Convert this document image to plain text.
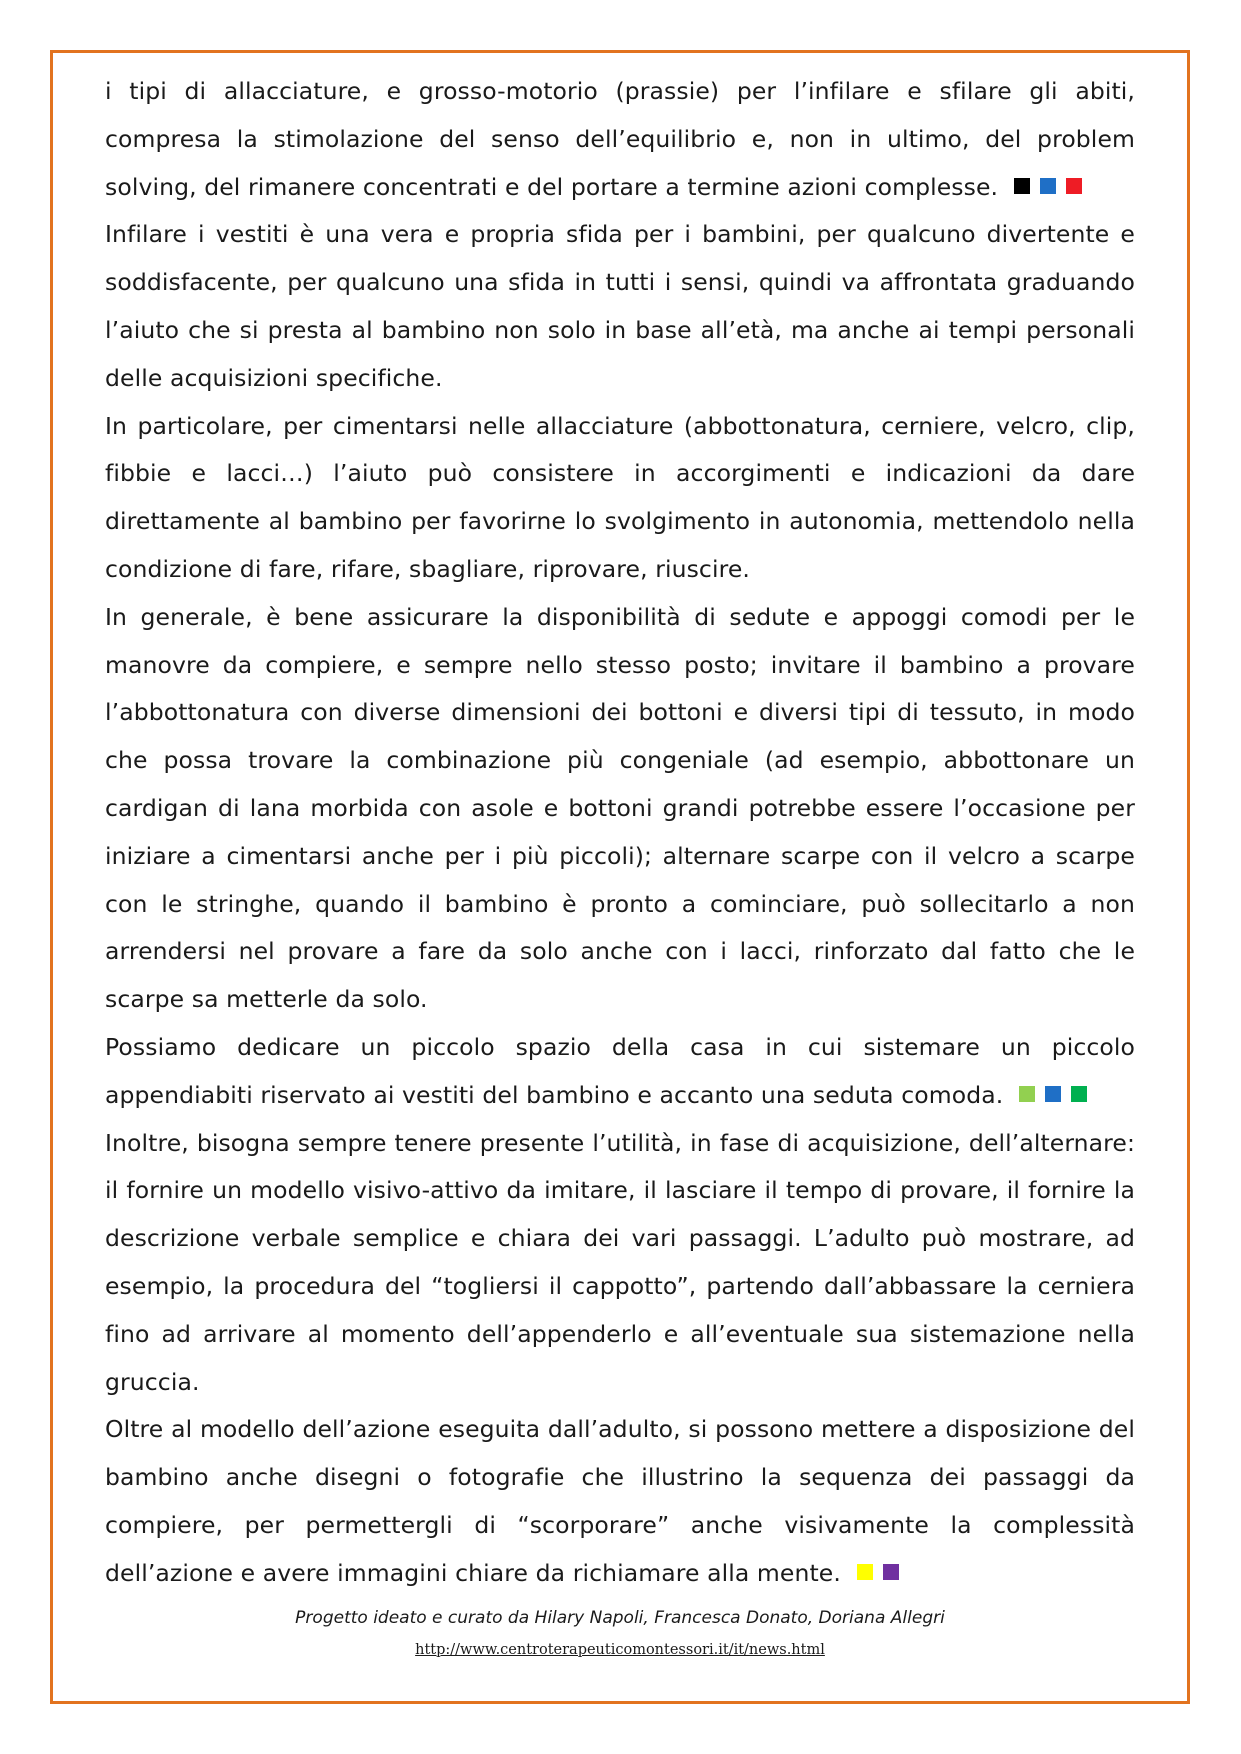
i tipi di allacciature, e grosso-motorio (prassie) per l’infilare e sfilare gli abiti, compresa la stimolazione del senso dell’equilibrio e, non in ultimo, del problem solving, del rimanere concentrati e del portare a termine azioni complesse.

Infilare i vestiti è una vera e propria sfida per i bambini, per qualcuno divertente e soddisfacente, per qualcuno una sfida in tutti i sensi, quindi va affrontata graduando l’aiuto che si presta al bambino non solo in base all’età, ma anche ai tempi personali delle acquisizioni specifiche.

In particolare, per cimentarsi nelle allacciature (abbottonatura, cerniere, velcro, clip, fibbie e lacci…) l’aiuto può consistere in accorgimenti e indicazioni da dare direttamente al bambino per favorirne lo svolgimento in autonomia, mettendolo nella condizione di fare, rifare, sbagliare, riprovare, riuscire.

In generale, è bene assicurare la disponibilità di sedute e appoggi comodi per le manovre da compiere, e sempre nello stesso posto; invitare il bambino a provare l’abbottonatura con diverse dimensioni dei bottoni e diversi tipi di tessuto, in modo che possa trovare la combinazione più congeniale (ad esempio, abbottonare un cardigan di lana morbida con asole e bottoni grandi potrebbe essere l’occasione per iniziare a cimentarsi anche per i più piccoli); alternare scarpe con il velcro a scarpe con le stringhe, quando il bambino è pronto a cominciare, può sollecitarlo a non arrendersi nel provare a fare da solo anche con i lacci, rinforzato dal fatto che le scarpe sa metterle da solo.

Possiamo dedicare un piccolo spazio della casa in cui sistemare un piccolo appendiabiti riservato ai vestiti del bambino e accanto una seduta comoda.

Inoltre, bisogna sempre tenere presente l’utilità, in fase di acquisizione, dell’alternare: il fornire un modello visivo-attivo da imitare, il lasciare il tempo di provare, il fornire la descrizione verbale semplice e chiara dei vari passaggi. L’adulto può mostrare, ad esempio, la procedura del “togliersi il cappotto”, partendo dall’abbassare la cerniera fino ad arrivare al momento dell’appenderlo e all’eventuale sua sistemazione nella gruccia.

Oltre al modello dell’azione eseguita dall’adulto, si possono mettere a disposizione del bambino anche disegni o fotografie che illustrino la sequenza dei passaggi da compiere, per permettergli di “scorporare” anche visivamente la complessità dell’azione e avere immagini chiare da richiamare alla mente.

Progetto ideato e curato da Hilary Napoli, Francesca Donato, Doriana Allegri

http://www.centroterapeuticomontessori.it/it/news.html
